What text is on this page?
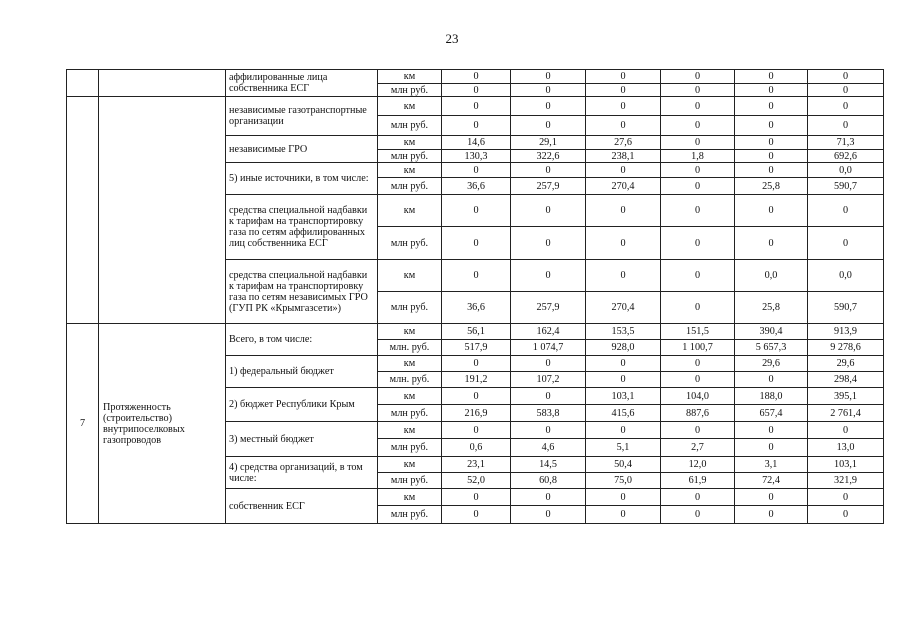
23
		аффилированные лица собственника ЕСГ	км	0	0	0	0	0	0
			млн руб.	0	0	0	0	0	0
		независимые газотранспортные организации	км	0	0	0	0	0	0
			млн руб.	0	0	0	0	0	0
		независимые ГРО	км	14,6	29,1	27,6	0	0	71,3
			млн руб.	130,3	322,6	238,1	1,8	0	692,6
		5) иные источники, в том числе:	км	0	0	0	0	0	0,0
			млн руб.	36,6	257,9	270,4	0	25,8	590,7
		средства специальной надбавки к тарифам на транспортировку газа по сетям аффилированных лиц собственника ЕСГ	км	0	0	0	0	0	0
			млн руб.	0	0	0	0	0	0
		средства специальной надбавки к тарифам на транспортировку газа по сетям независимых ГРО (ГУП РК «Крымгазсети»)	км	0	0	0	0	0,0	0,0
			млн руб.	36,6	257,9	270,4	0	25,8	590,7
7	Протяженность (строительство) внутрипоселковых газопроводов	Всего, в том числе:	км	56,1	162,4	153,5	151,5	390,4	913,9
			млн. руб.	517,9	1 074,7	928,0	1 100,7	5 657,3	9 278,6
		1) федеральный бюджет	км	0	0	0	0	29,6	29,6
			млн. руб.	191,2	107,2	0	0	0	298,4
		2) бюджет Республики Крым	км	0	0	103,1	104,0	188,0	395,1
			млн руб.	216,9	583,8	415,6	887,6	657,4	2 761,4
		3) местный бюджет	км	0	0	0	0	0	0
			млн руб.	0,6	4,6	5,1	2,7	0	13,0
		4) средства организаций, в том числе:	км	23,1	14,5	50,4	12,0	3,1	103,1
			млн руб.	52,0	60,8	75,0	61,9	72,4	321,9
		собственник ЕСГ	км	0	0	0	0	0	0
			млн руб.	0	0	0	0	0	0
